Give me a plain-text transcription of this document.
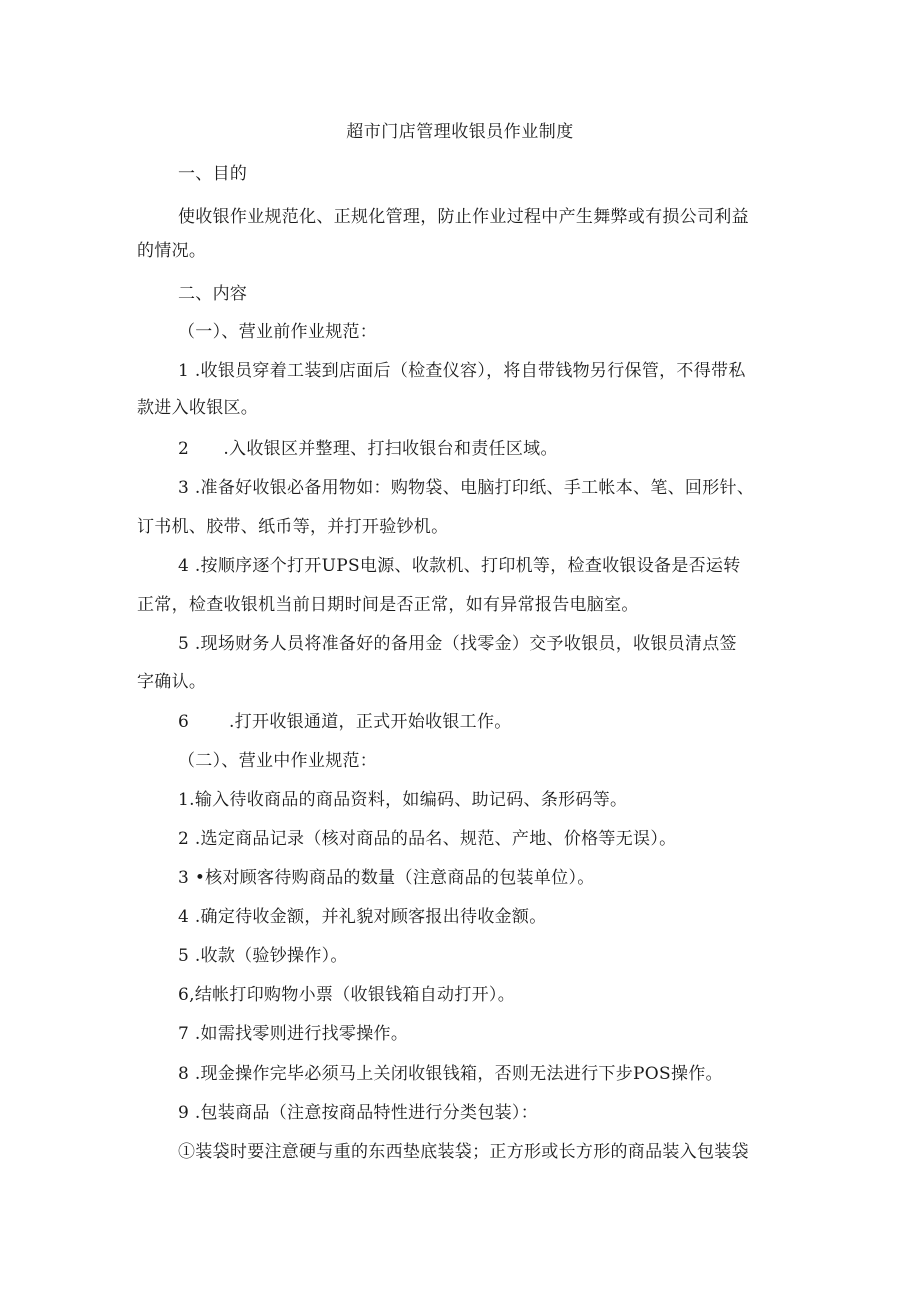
超市门店管理收银员作业制度
一、目的
使收银作业规范化、正规化管理，防止作业过程中产生舞弊或有损公司利益
的情况。
二、内容
（一）、营业前作业规范：
1 .收银员穿着工装到店面后（检查仪容），将自带钱物另行保管，不得带私
款进入收银区。
2      .入收银区并整理、打扫收银台和责任区域。
3 .准备好收银必备用物如：购物袋、电脑打印纸、手工帐本、笔、回形针、
订书机、胶带、纸币等，并打开验钞机。
4 .按顺序逐个打开UPS电源、收款机、打印机等，检查收银设备是否运转
正常，检查收银机当前日期时间是否正常，如有异常报告电脑室。
5 .现场财务人员将准备好的备用金（找零金）交予收银员，收银员清点签
字确认。
6       .打开收银通道，正式开始收银工作。
（二）、营业中作业规范：
1.输入待收商品的商品资料，如编码、助记码、条形码等。
2 .选定商品记录（核对商品的品名、规范、产地、价格等无误）。
3 •核对顾客待购商品的数量（注意商品的包装单位）。
4 .确定待收金额，并礼貌对顾客报出待收金额。
5 .收款（验钞操作）。
6,结帐打印购物小票（收银钱箱自动打开）。
7 .如需找零则进行找零操作。
8 .现金操作完毕必须马上关闭收银钱箱，否则无法进行下步POS操作。
9 .包装商品（注意按商品特性进行分类包装）：
①装袋时要注意硬与重的东西垫底装袋；正方形或长方形的商品装入包装袋
